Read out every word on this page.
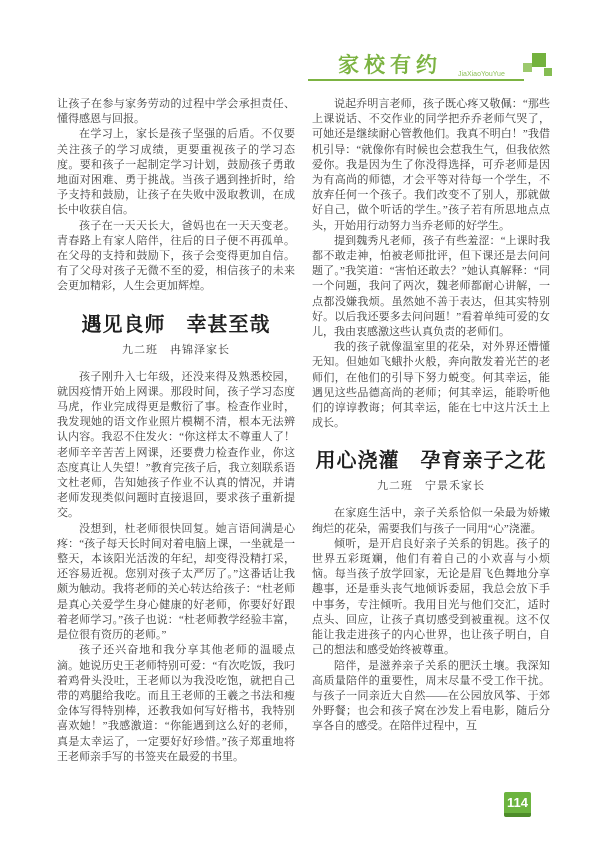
家校有约 JiaXiaoYouYue

让孩子在参与家务劳动的过程中学会承担责任、懂得感恩与回报。

在学习上，家长是孩子坚强的后盾。不仅要关注孩子的学习成绩，更要重视孩子的学习态度。要和孩子一起制定学习计划，鼓励孩子勇敢地面对困难、勇于挑战。当孩子遇到挫折时，给予支持和鼓励，让孩子在失败中汲取教训，在成长中收获自信。

孩子在一天天长大，爸妈也在一天天变老。青春路上有家人陪伴，往后的日子便不再孤单。在父母的支持和鼓励下，孩子会变得更加自信。有了父母对孩子无微不至的爱，相信孩子的未来会更加精彩，人生会更加辉煌。

遇见良师　幸甚至哉
九二班　冉锦泽家长

孩子刚升入七年级，还没来得及熟悉校园，就因疫情开始上网课。那段时间，孩子学习态度马虎，作业完成得更是敷衍了事。检查作业时，我发现她的语文作业照片模糊不清，根本无法辨认内容。我忍不住发火：“你这样太不尊重人了！老师辛辛苦苦上网课，还要费力检查作业，你这态度真让人失望！”教育完孩子后，我立刻联系语文杜老师，告知她孩子作业不认真的情况，并请老师发现类似问题时直接退回，要求孩子重新提交。

没想到，杜老师很快回复。她言语间满是心疼：“孩子每天长时间对着电脑上课，一坐就是一整天，本该阳光活泼的年纪，却变得没精打采，还容易近视。您别对孩子太严厉了。”这番话让我颇为触动。我将老师的关心转达给孩子：“杜老师是真心关爱学生身心健康的好老师，你要好好跟着老师学习。”孩子也说：“杜老师教学经验丰富，是位很有资历的老师。”

孩子还兴奋地和我分享其他老师的温暖点滴。她说历史王老师特别可爱：“有次吃饭，我叼着鸡骨头没吐，王老师以为我没吃饱，就把自己带的鸡腿给我吃。而且王老师的王羲之书法和瘦金体写得特别棒，还教我如何写好楷书，我特别喜欢她！”我感激道：“你能遇到这么好的老师，真是太幸运了，一定要好好珍惜。”孩子郑重地将王老师亲手写的书签夹在最爱的书里。

说起乔明言老师，孩子既心疼又敬佩：“那些上课说话、不交作业的同学把乔乔老师气哭了，可她还是继续耐心管教他们。我真不明白！”我借机引导：“就像你有时候也会惹我生气，但我依然爱你。我是因为生了你没得选择，可乔老师是因为有高尚的师德，才会平等对待每一个学生，不放弃任何一个孩子。我们改变不了别人，那就做好自己，做个听话的学生。”孩子若有所思地点点头，开始用行动努力当乔老师的好学生。

提到魏秀凡老师，孩子有些羞涩：“上课时我都不敢走神，怕被老师批评，但下课还是去问问题了。”我笑道：“害怕还敢去？”她认真解释：“同一个问题，我问了两次，魏老师都耐心讲解，一点都没嫌我烦。虽然她不善于表达，但其实特别好。以后我还要多去问问题！”看着单纯可爱的女儿，我由衷感激这些认真负责的老师们。

我的孩子就像温室里的花朵，对外界还懵懂无知。但她如飞蛾扑火般，奔向散发着光芒的老师们，在他们的引导下努力蜕变。何其幸运，能遇见这些品德高尚的老师；何其幸运，能聆听他们的谆谆教诲；何其幸运，能在七中这片沃土上成长。

用心浇灌　孕育亲子之花
九二班　宁景禾家长

在家庭生活中，亲子关系恰似一朵最为娇嫩绚烂的花朵，需要我们与孩子一同用“心”浇灌。

倾听，是开启良好亲子关系的钥匙。孩子的世界五彩斑斓，他们有着自己的小欢喜与小烦恼。每当孩子放学回家，无论是眉飞色舞地分享趣事，还是垂头丧气地倾诉委屈，我总会放下手中事务，专注倾听。我用目光与他们交汇，适时点头、回应，让孩子真切感受到被重视。这不仅能让我走进孩子的内心世界，也让孩子明白，自己的想法和感受始终被尊重。

陪伴，是滋养亲子关系的肥沃土壤。我深知高质量陪伴的重要性，周末尽量不受工作干扰。与孩子一同亲近大自然——在公园放风筝、于郊外野餐；也会和孩子窝在沙发上看电影，随后分享各自的感受。在陪伴过程中，互

114
